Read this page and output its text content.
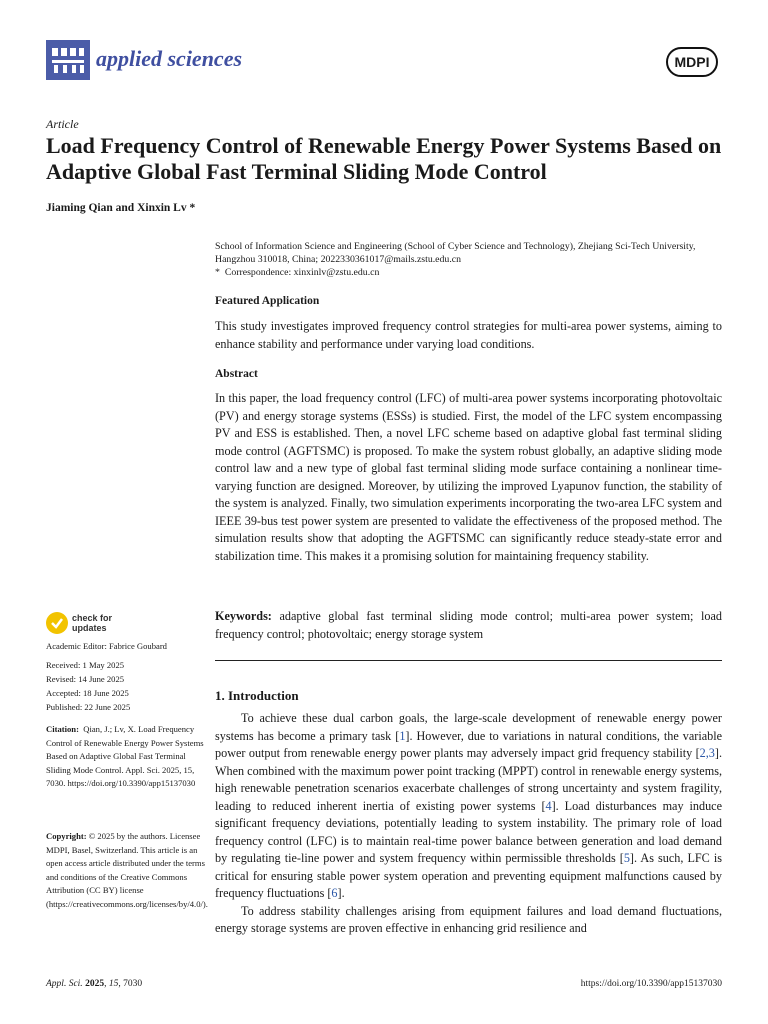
applied sciences	MDPI
Article
Load Frequency Control of Renewable Energy Power Systems Based on Adaptive Global Fast Terminal Sliding Mode Control
Jiaming Qian and Xinxin Lv *
School of Information Science and Engineering (School of Cyber Science and Technology), Zhejiang Sci-Tech University, Hangzhou 310018, China; 2022330361017@mails.zstu.edu.cn
* Correspondence: xinxinlv@zstu.edu.cn
Featured Application
This study investigates improved frequency control strategies for multi-area power systems, aiming to enhance stability and performance under varying load conditions.
Abstract
In this paper, the load frequency control (LFC) of multi-area power systems incorporating photovoltaic (PV) and energy storage systems (ESSs) is studied. First, the model of the LFC system encompassing PV and ESS is established. Then, a novel LFC scheme based on adaptive global fast terminal sliding mode control (AGFTSMC) is proposed. To make the system robust globally, an adaptive sliding mode control law and a new type of global fast terminal sliding mode surface containing a nonlinear time-varying function are designed. Moreover, by utilizing the improved Lyapunov function, the stability of the system is analyzed. Finally, two simulation experiments incorporating the two-area LFC system and IEEE 39-bus test power system are presented to validate the effectiveness of the proposed method. The simulation results show that adopting the AGFTSMC can significantly reduce steady-state error and stabilization time. This makes it a promising solution for maintaining frequency stability.
Keywords: adaptive global fast terminal sliding mode control; multi-area power system; load frequency control; photovoltaic; energy storage system
1. Introduction

To achieve these dual carbon goals, the large-scale development of renewable energy power systems has become a primary task [1]. However, due to variations in natural conditions, the variable power output from renewable energy power plants may adversely impact grid frequency stability [2,3]. When combined with the maximum power point tracking (MPPT) control in renewable energy systems, high renewable penetration scenarios exacerbate challenges of strong uncertainty and system fragility, leading to reduced inherent inertia of existing power systems [4]. Load disturbances may induce significant frequency deviations, potentially leading to system instability. The primary role of load frequency control (LFC) is to maintain real-time power balance between generation and load demand by regulating tie-line power and system frequency within permissible thresholds [5]. As such, LFC is critical for ensuring stable power system operation and preventing equipment malfunctions caused by frequency fluctuations [6].

To address stability challenges arising from equipment failures and load demand fluctuations, energy storage systems are proven effective in enhancing grid resilience and

check for
updates
Academic Editor: Fabrice Goubard
Received: 1 May 2025
Revised: 14 June 2025
Accepted: 18 June 2025
Published: 22 June 2025
Citation: Qian, J.; Lv, X. Load Frequency Control of Renewable Energy Power Systems Based on Adaptive Global Fast Terminal Sliding Mode Control. Appl. Sci. 2025, 15, 7030. https://doi.org/10.3390/app15137030
Copyright: © 2025 by the authors. Licensee MDPI, Basel, Switzerland. This article is an open access article distributed under the terms and conditions of the Creative Commons Attribution (CC BY) license (https://creativecommons.org/licenses/by/4.0/).
Appl. Sci. 2025, 15, 7030	https://doi.org/10.3390/app15137030
